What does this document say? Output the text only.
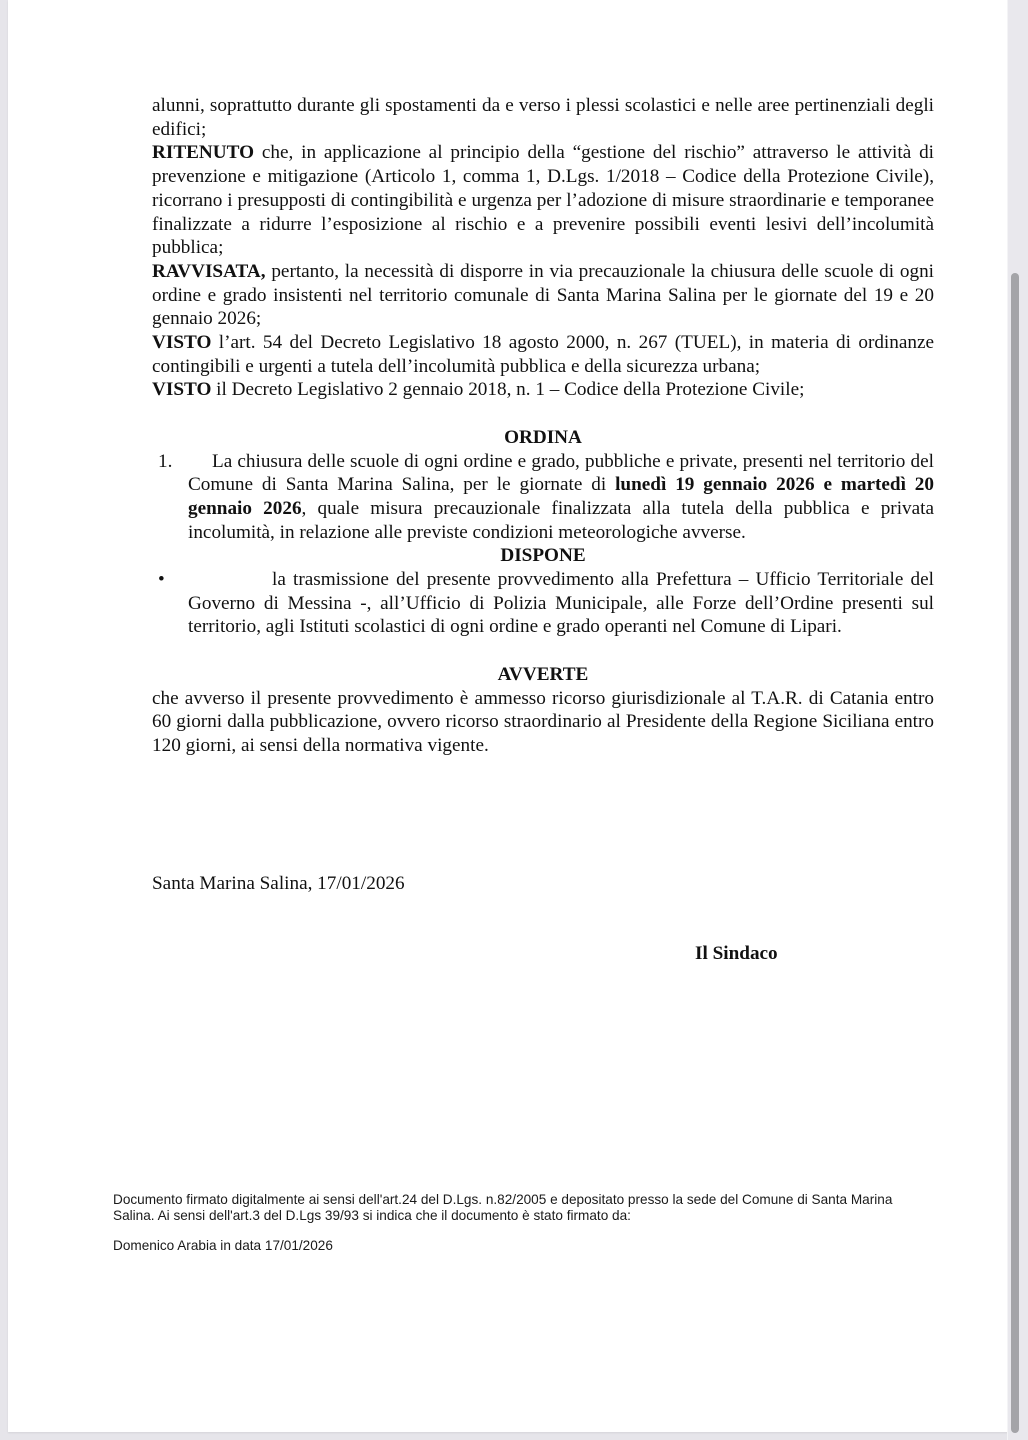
alunni, soprattutto durante gli spostamenti da e verso i plessi scolastici e nelle aree pertinenziali degli edifici;

RITENUTO che, in applicazione al principio della “gestione del rischio” attraverso le attività di prevenzione e mitigazione (Articolo 1, comma 1, D.Lgs. 1/2018 – Codice della Protezione Civile), ricorrano i presupposti di contingibilità e urgenza per l’adozione di misure straordinarie e temporanee finalizzate a ridurre l’esposizione al rischio e a prevenire possibili eventi lesivi dell’incolumità pubblica;

RAVVISATA, pertanto, la necessità di disporre in via precauzionale la chiusura delle scuole di ogni ordine e grado insistenti nel territorio comunale di Santa Marina Salina per le giornate del 19 e 20 gennaio 2026;

VISTO l’art. 54 del Decreto Legislativo 18 agosto 2000, n. 267 (TUEL), in materia di ordinanze contingibili e urgenti a tutela dell’incolumità pubblica e della sicurezza urbana;

VISTO il Decreto Legislativo 2 gennaio 2018, n. 1 – Codice della Protezione Civile;

ORDINA

1. La chiusura delle scuole di ogni ordine e grado, pubbliche e private, presenti nel territorio del Comune di Santa Marina Salina, per le giornate di lunedì 19 gennaio 2026 e martedì 20 gennaio 2026, quale misura precauzionale finalizzata alla tutela della pubblica e privata incolumità, in relazione alle previste condizioni meteorologiche avverse.

DISPONE

•	la trasmissione del presente provvedimento alla Prefettura – Ufficio Territoriale del Governo di Messina -, all’Ufficio di Polizia Municipale, alle Forze dell’Ordine presenti sul territorio, agli Istituti scolastici di ogni ordine e grado operanti nel Comune di Lipari.

AVVERTE

che avverso il presente provvedimento è ammesso ricorso giurisdizionale al T.A.R. di Catania entro 60 giorni dalla pubblicazione, ovvero ricorso straordinario al Presidente della Regione Siciliana entro 120 giorni, ai sensi della normativa vigente.

Santa Marina Salina, 17/01/2026
Il Sindaco

Documento firmato digitalmente ai sensi dell'art.24 del D.Lgs. n.82/2005 e depositato presso la sede del Comune di Santa Marina Salina. Ai sensi dell'art.3 del D.Lgs 39/93 si indica che il documento è stato firmato da:

Domenico Arabia in data 17/01/2026
